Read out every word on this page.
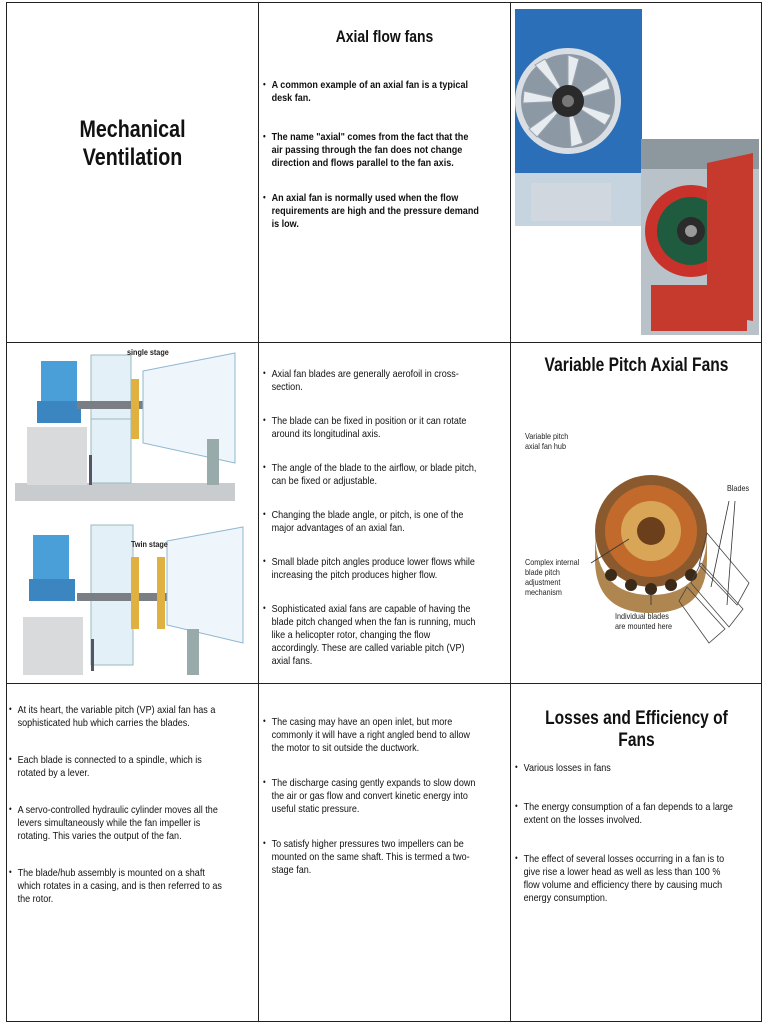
Mechanical Ventilation
Axial flow fans
• A common example of an axial fan is a typical desk fan.
• The name "axial" comes from the fact that the air passing through the fan does not change direction and flows parallel to the fan axis.
• An axial fan is normally used when the flow requirements are high and the pressure demand is low.
single stage
Twin stage
• Axial fan blades are generally aerofoil in cross-section.
• The blade can be fixed in position or it can rotate around its longitudinal axis.
• The angle of the blade to the airflow, or blade pitch, can be fixed or adjustable.
• Changing the blade angle, or pitch, is one of the major advantages of an axial fan.
• Small blade pitch angles produce lower flows while increasing the pitch produces higher flow.
• Sophisticated axial fans are capable of having the blade pitch changed when the fan is running, much like a helicopter rotor, changing the flow accordingly. These are called variable pitch (VP) axial fans.
Variable Pitch Axial Fans
Variable pitch axial fan hub
Blades
Complex internal blade pitch adjustment mechanism
Individual blades are mounted here
• At its heart, the variable pitch (VP) axial fan has a sophisticated hub which carries the blades.
• Each blade is connected to a spindle, which is rotated by a lever.
• A servo-controlled hydraulic cylinder moves all the levers simultaneously while the fan impeller is rotating. This varies the output of the fan.
• The blade/hub assembly is mounted on a shaft which rotates in a casing, and is then referred to as the rotor.
• The casing may have an open inlet, but more commonly it will have a right angled bend to allow the motor to sit outside the ductwork.
• The discharge casing gently expands to slow down the air or gas flow and convert kinetic energy into useful static pressure.
• To satisfy higher pressures two impellers can be mounted on the same shaft. This is termed a two-stage fan.
Losses and Efficiency of Fans
• Various losses in fans
• The energy consumption of a fan depends to a large extent on the losses involved.
• The effect of several losses occurring in a fan is to give rise a lower head as well as less than 100 % flow volume and efficiency there by causing much energy consumption.
